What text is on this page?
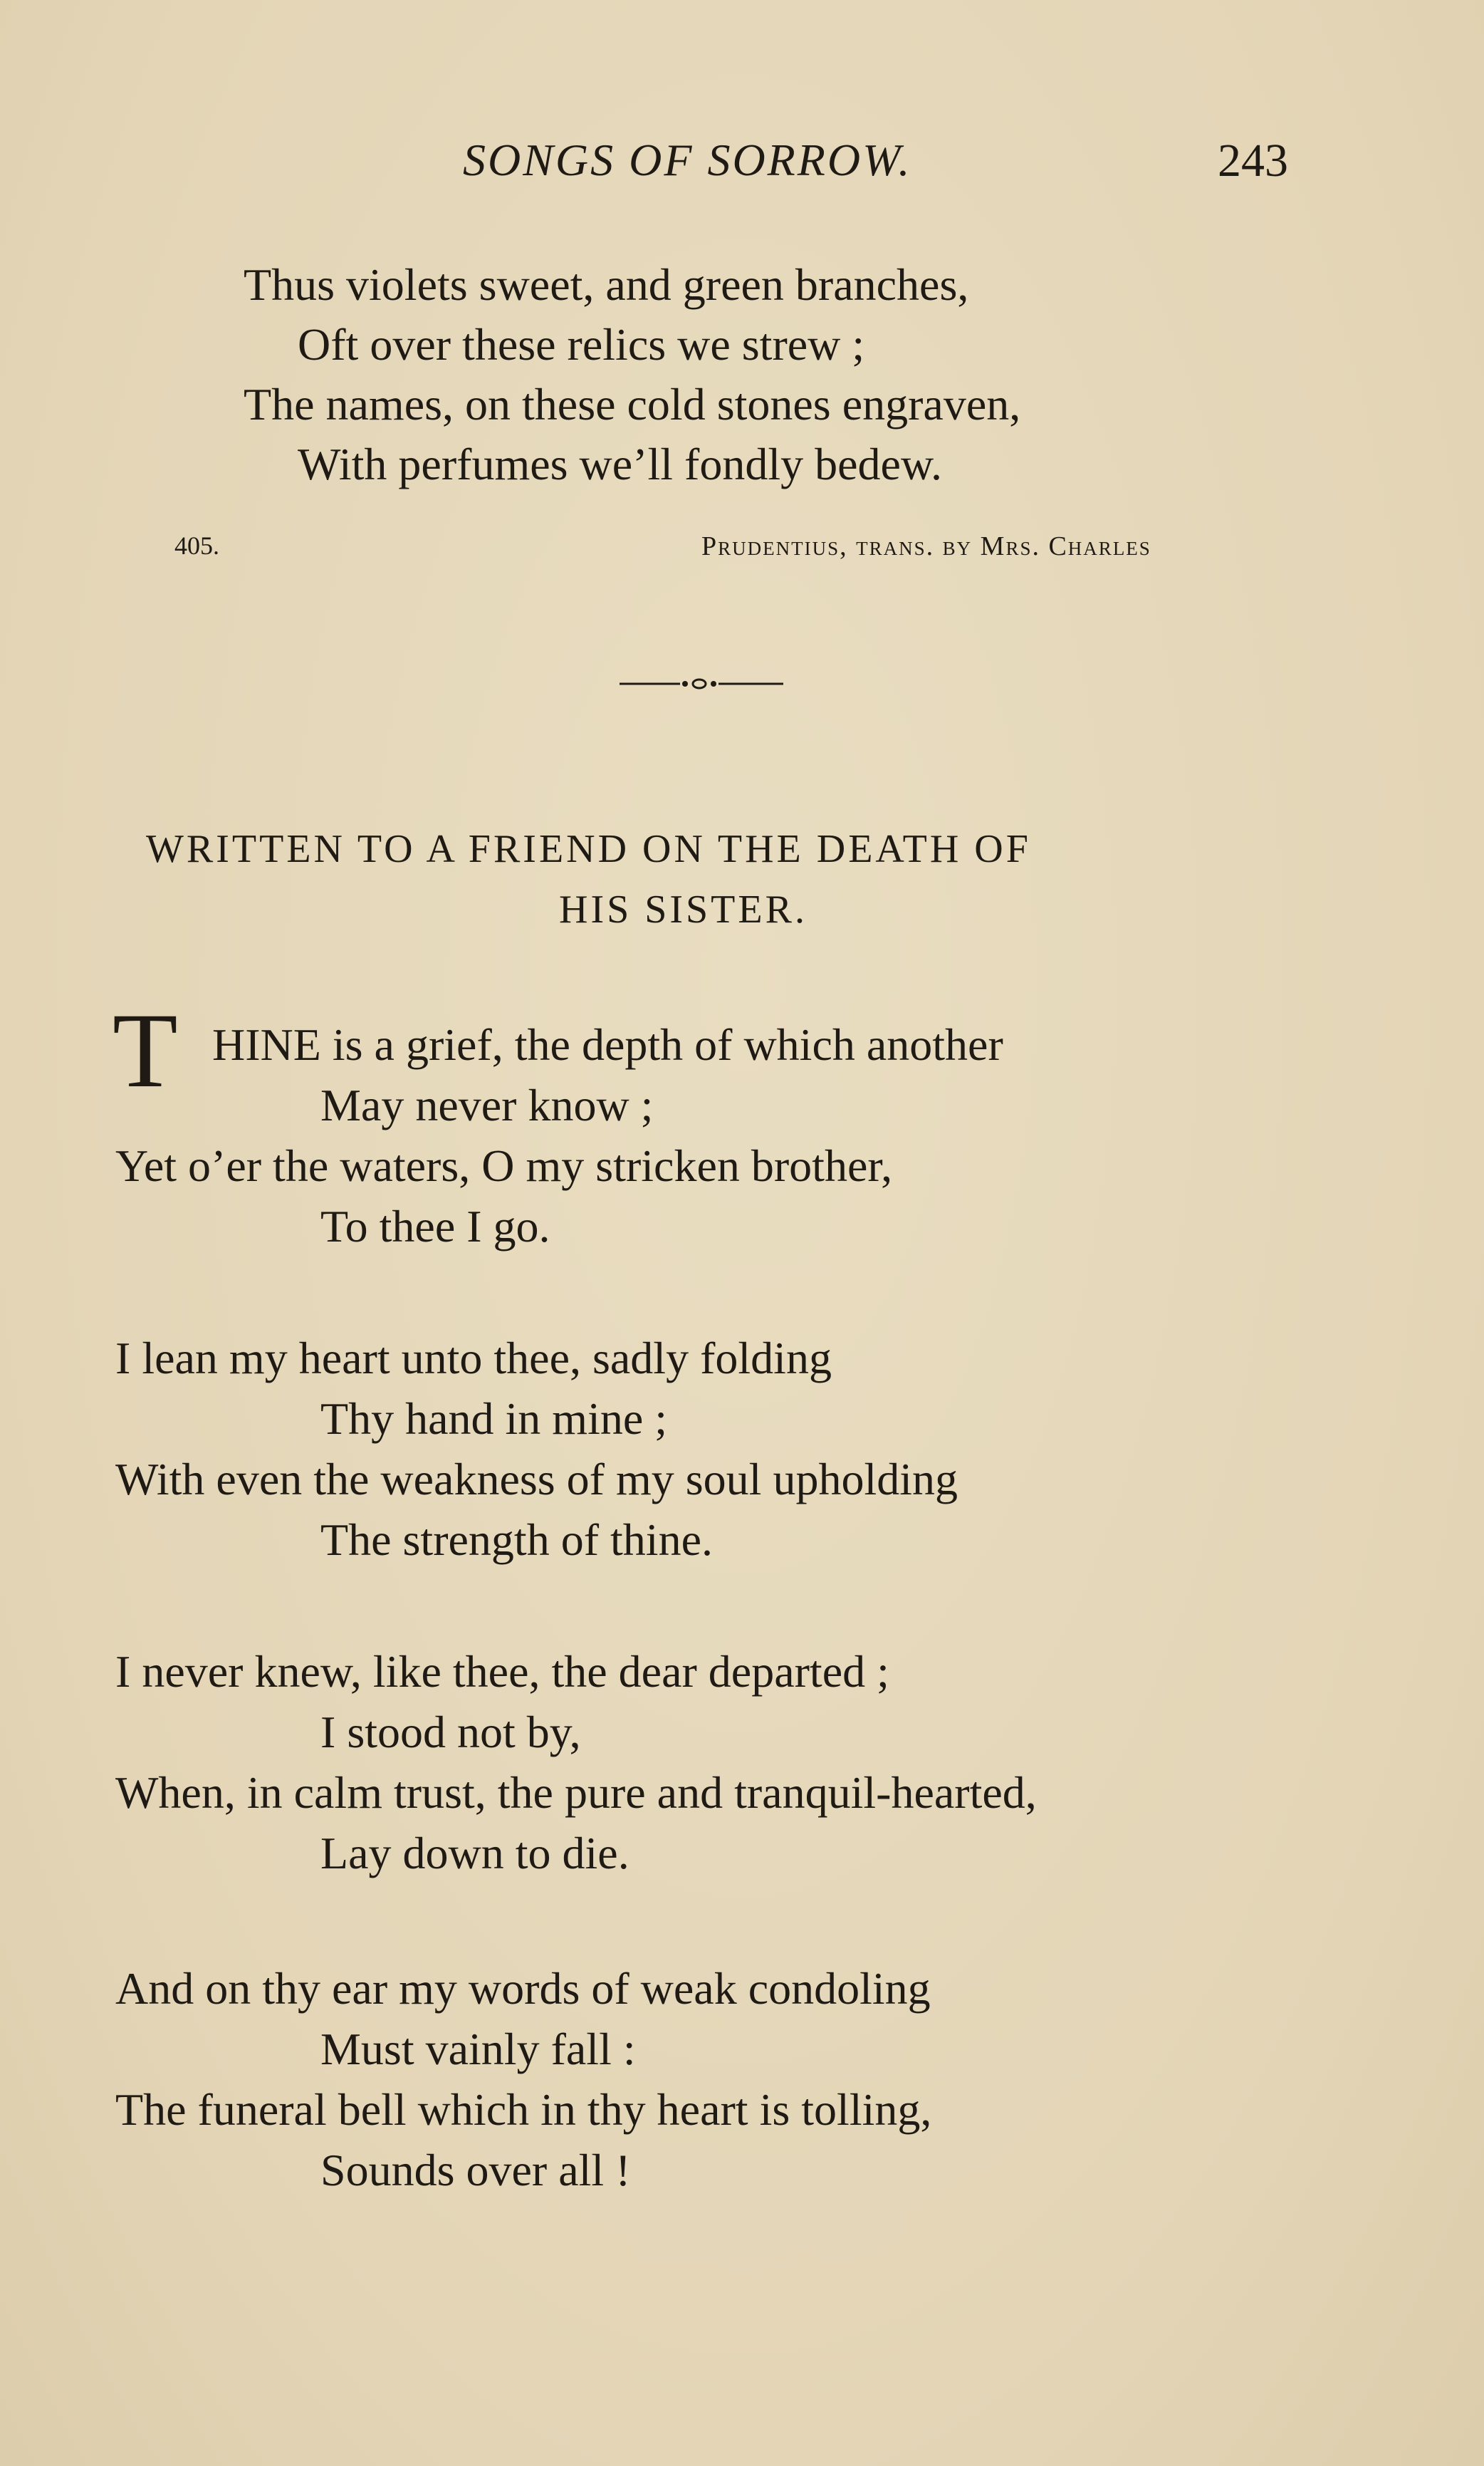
SONGS OF SORROW.	243
Thus violets sweet, and green branches,
Oft over these relics we strew ;
The names, on these cold stones engraven,
With perfumes we’ll fondly bedew.
405.	Prudentius, trans. by Mrs. Charles
WRITTEN TO A FRIEND ON THE DEATH OF
HIS SISTER.
T HINE is a grief, the depth of which another
May never know ;
Yet o’er the waters, O my stricken brother,
To thee I go.
I lean my heart unto thee, sadly folding
Thy hand in mine ;
With even the weakness of my soul upholding
The strength of thine.
I never knew, like thee, the dear departed ;
I stood not by,
When, in calm trust, the pure and tranquil-hearted,
Lay down to die.
And on thy ear my words of weak condoling
Must vainly fall :
The funeral bell which in thy heart is tolling,
Sounds over all !
